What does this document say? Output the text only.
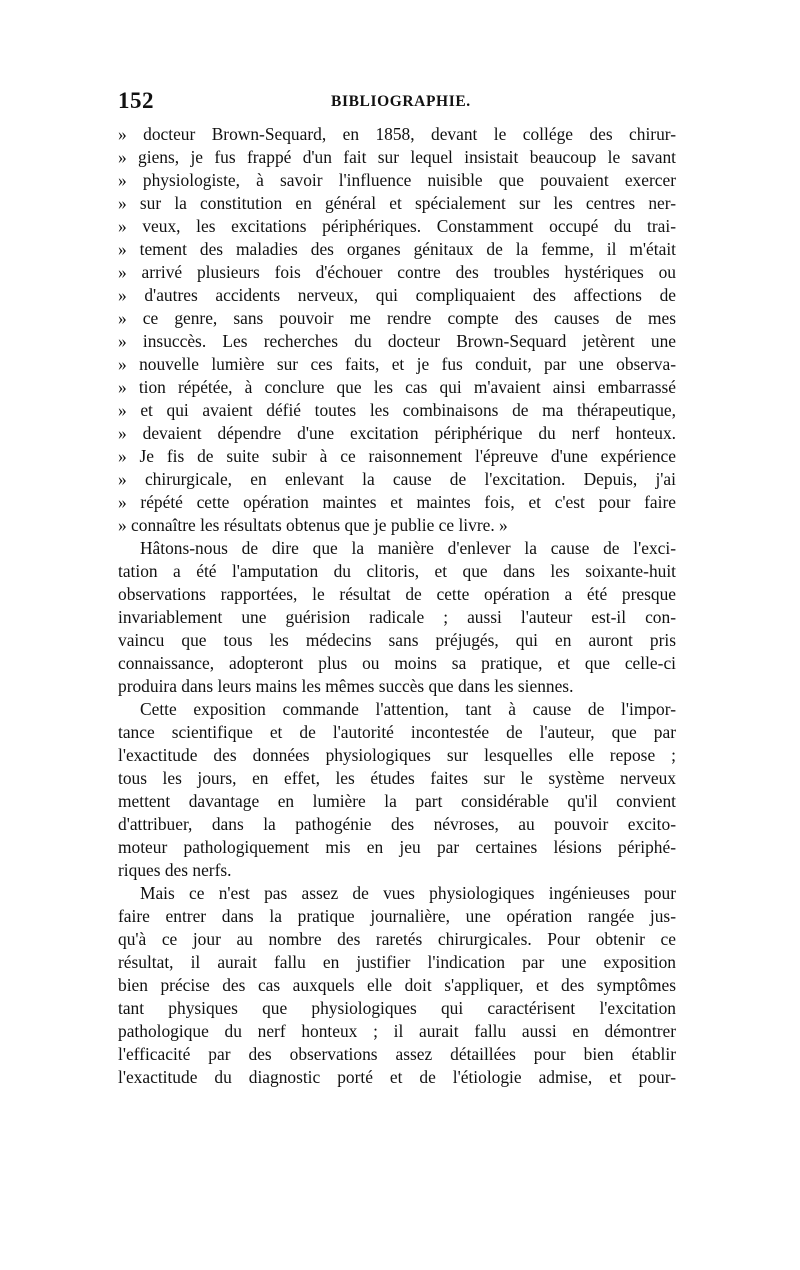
152	BIBLIOGRAPHIE.
» docteur Brown-Sequard, en 1858, devant le collége des chirur-
» giens, je fus frappé d'un fait sur lequel insistait beaucoup le savant
» physiologiste, à savoir l'influence nuisible que pouvaient exercer
» sur la constitution en général et spécialement sur les centres ner-
» veux, les excitations périphériques. Constamment occupé du trai-
» tement des maladies des organes génitaux de la femme, il m'était
» arrivé plusieurs fois d'échouer contre des troubles hystériques ou
» d'autres accidents nerveux, qui compliquaient des affections de
» ce genre, sans pouvoir me rendre compte des causes de mes
» insuccès. Les recherches du docteur Brown-Sequard jetèrent une
» nouvelle lumière sur ces faits, et je fus conduit, par une observa-
» tion répétée, à conclure que les cas qui m'avaient ainsi embarrassé
» et qui avaient défié toutes les combinaisons de ma thérapeutique,
» devaient dépendre d'une excitation périphérique du nerf honteux.
» Je fis de suite subir à ce raisonnement l'épreuve d'une expérience
» chirurgicale, en enlevant la cause de l'excitation. Depuis, j'ai
» répété cette opération maintes et maintes fois, et c'est pour faire
» connaître les résultats obtenus que je publie ce livre. »
Hâtons-nous de dire que la manière d'enlever la cause de l'exci-
tation a été l'amputation du clitoris, et que dans les soixante-huit
observations rapportées, le résultat de cette opération a été presque
invariablement une guérision radicale ; aussi l'auteur est-il con-
vaincu que tous les médecins sans préjugés, qui en auront pris
connaissance, adopteront plus ou moins sa pratique, et que celle-ci
produira dans leurs mains les mêmes succès que dans les siennes.
Cette exposition commande l'attention, tant à cause de l'impor-
tance scientifique et de l'autorité incontestée de l'auteur, que par
l'exactitude des données physiologiques sur lesquelles elle repose ;
tous les jours, en effet, les études faites sur le système nerveux
mettent davantage en lumière la part considérable qu'il convient
d'attribuer, dans la pathogénie des névroses, au pouvoir excito-
moteur pathologiquement mis en jeu par certaines lésions périphé-
riques des nerfs.
Mais ce n'est pas assez de vues physiologiques ingénieuses pour
faire entrer dans la pratique journalière, une opération rangée jus-
qu'à ce jour au nombre des raretés chirurgicales. Pour obtenir ce
résultat, il aurait fallu en justifier l'indication par une exposition
bien précise des cas auxquels elle doit s'appliquer, et des symptômes
tant physiques que physiologiques qui caractérisent l'excitation
pathologique du nerf honteux ; il aurait fallu aussi en démontrer
l'efficacité par des observations assez détaillées pour bien établir
l'exactitude du diagnostic porté et de l'étiologie admise, et pour-
